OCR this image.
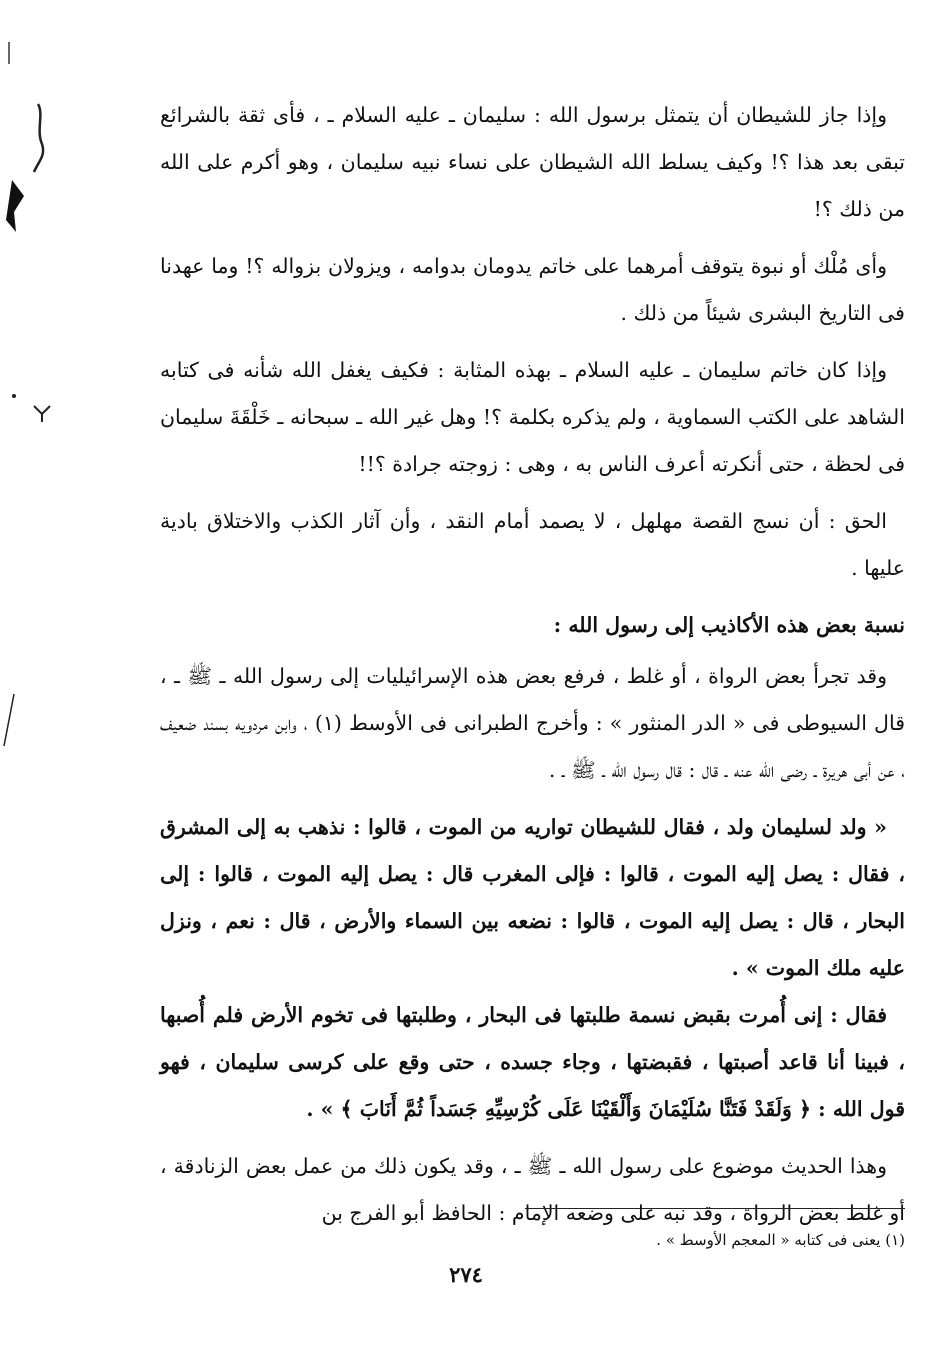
وإذا جاز للشيطان أن يتمثل برسول الله : سليمان ـ عليه السلام ـ ، فأى ثقة بالشرائع تبقى بعد هذا ؟! وكيف يسلط الله الشيطان على نساء نبيه سليمان ، وهو أكرم على الله من ذلك ؟!

وأى مُلْك أو نبوة يتوقف أمرهما على خاتم يدومان بدوامه ، ويزولان بزواله ؟! وما عهدنا فى التاريخ البشرى شيئاً من ذلك .

وإذا كان خاتم سليمان ـ عليه السلام ـ بهذه المثابة : فكيف يغفل الله شأنه فى كتابه الشاهد على الكتب السماوية ، ولم يذكره بكلمة ؟! وهل غير الله ـ سبحانه ـ خَلْقَةَ سليمان فى لحظة ، حتى أنكرته أعرف الناس به ، وهى : زوجته جرادة ؟!!

الحق : أن نسج القصة مهلهل ، لا يصمد أمام النقد ، وأن آثار الكذب والاختلاق بادية عليها .

نسبة بعض هذه الأكاذيب إلى رسول الله :

وقد تجرأ بعض الرواة ، أو غلط ، فرفع بعض هذه الإسرائيليات إلى رسول الله ـ ﷺ ـ ، قال السيوطى فى « الدر المنثور » : وأخرج الطبرانى فى الأوسط (١) ، وابن مردويه بسند ضعيف ، عن أبى هريرة ـ رضى الله عنه ـ قال : قال رسول الله ـ ﷺ ـ .

« ولد لسليمان ولد ، فقال للشيطان تواريه من الموت ، قالوا : نذهب به إلى المشرق ، فقال : يصل إليه الموت ، قالوا : فإلى المغرب قال : يصل إليه الموت ، قالوا : إلى البحار ، قال : يصل إليه الموت ، قالوا : نضعه بين السماء والأرض ، قال : نعم ، ونزل عليه ملك الموت » .

فقال : إنى أُمرت بقبض نسمة طلبتها فى البحار ، وطلبتها فى تخوم الأرض فلم أُصبها ، فبينا أنا قاعد أصبتها ، فقبضتها ، وجاء جسده ، حتى وقع على كرسى سليمان ، فهو قول الله : ﴿ وَلَقَدْ فَتَنَّا سُلَيْمَانَ وَأَلْقَيْنَا عَلَى كُرْسِيِّهِ جَسَداً ثُمَّ أَنَابَ ﴾ » .

وهذا الحديث موضوع على رسول الله ـ ﷺ ـ ، وقد يكون ذلك من عمل بعض الزنادقة ، أو غلط بعض الرواة ، وقد نبه على وضعه الإمام : الحافظ أبو الفرج بن

(١) يعنى فى كتابه « المعجم الأوسط » .
٢٧٤
